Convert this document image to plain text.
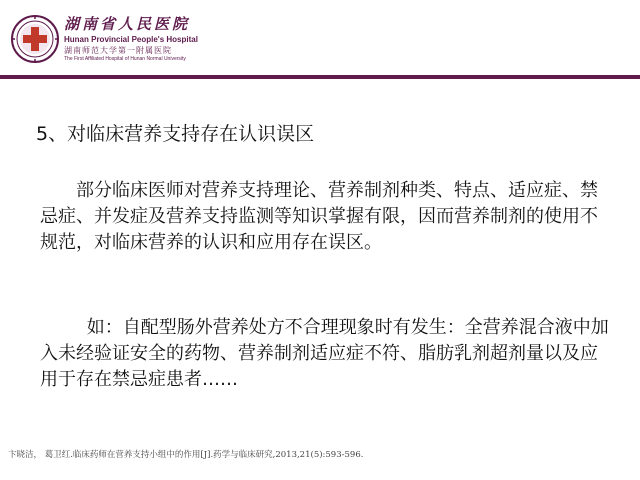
湖南省人民医院
Hunan Provincial People's Hospital
湖南师范大学第一附属医院
The First Affiliated Hospital of Hunan Normal University
5、对临床营养支持存在认识误区

部分临床医师对营养支持理论、营养制剂种类、特点、适应症、禁忌症、并发症及营养支持监测等知识掌握有限，因而营养制剂的使用不规范，对临床营养的认识和应用存在误区。

如：自配型肠外营养处方不合理现象时有发生：全营养混合液中加入未经验证安全的药物、营养制剂适应症不符、脂肪乳剂超剂量以及应用于存在禁忌症患者……

卞晓洁， 葛卫红.临床药师在营养支持小组中的作用[J].药学与临床研究,2013,21(5):593-596.
